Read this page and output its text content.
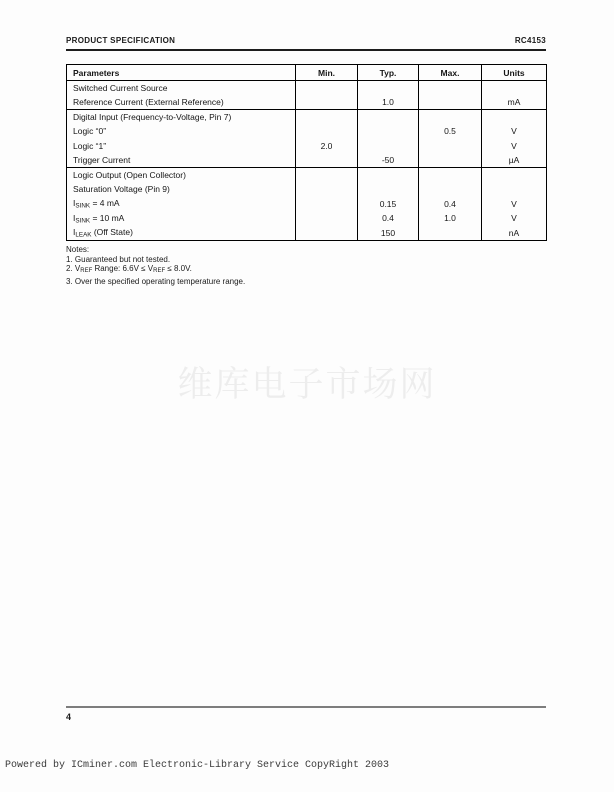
PRODUCT SPECIFICATION	RC4153
Parameters	Min.	Typ.	Max.	Units
Switched Current Source				
Reference Current (External Reference)		1.0		mA
Digital Input (Frequency-to-Voltage, Pin 7)				
Logic “0”			0.5	V
Logic “1”	2.0			V
Trigger Current		-50		µA
Logic Output (Open Collector)				
Saturation Voltage (Pin 9)				
$I_{SINK} = 4$ mA		0.15	0.4	V
$I_{SINK} = 10$ mA		0.4	1.0	V
$I_{LEAK}$ (Off State)		150		nA
Notes:
1. Guaranteed but not tested.
2. VREF Range: 6.6V ≤ VREF ≤ 8.0V.
3. Over the specified operating temperature range.
维库电子市场网
4
Powered by ICminer.com Electronic-Library Service CopyRight 2003
